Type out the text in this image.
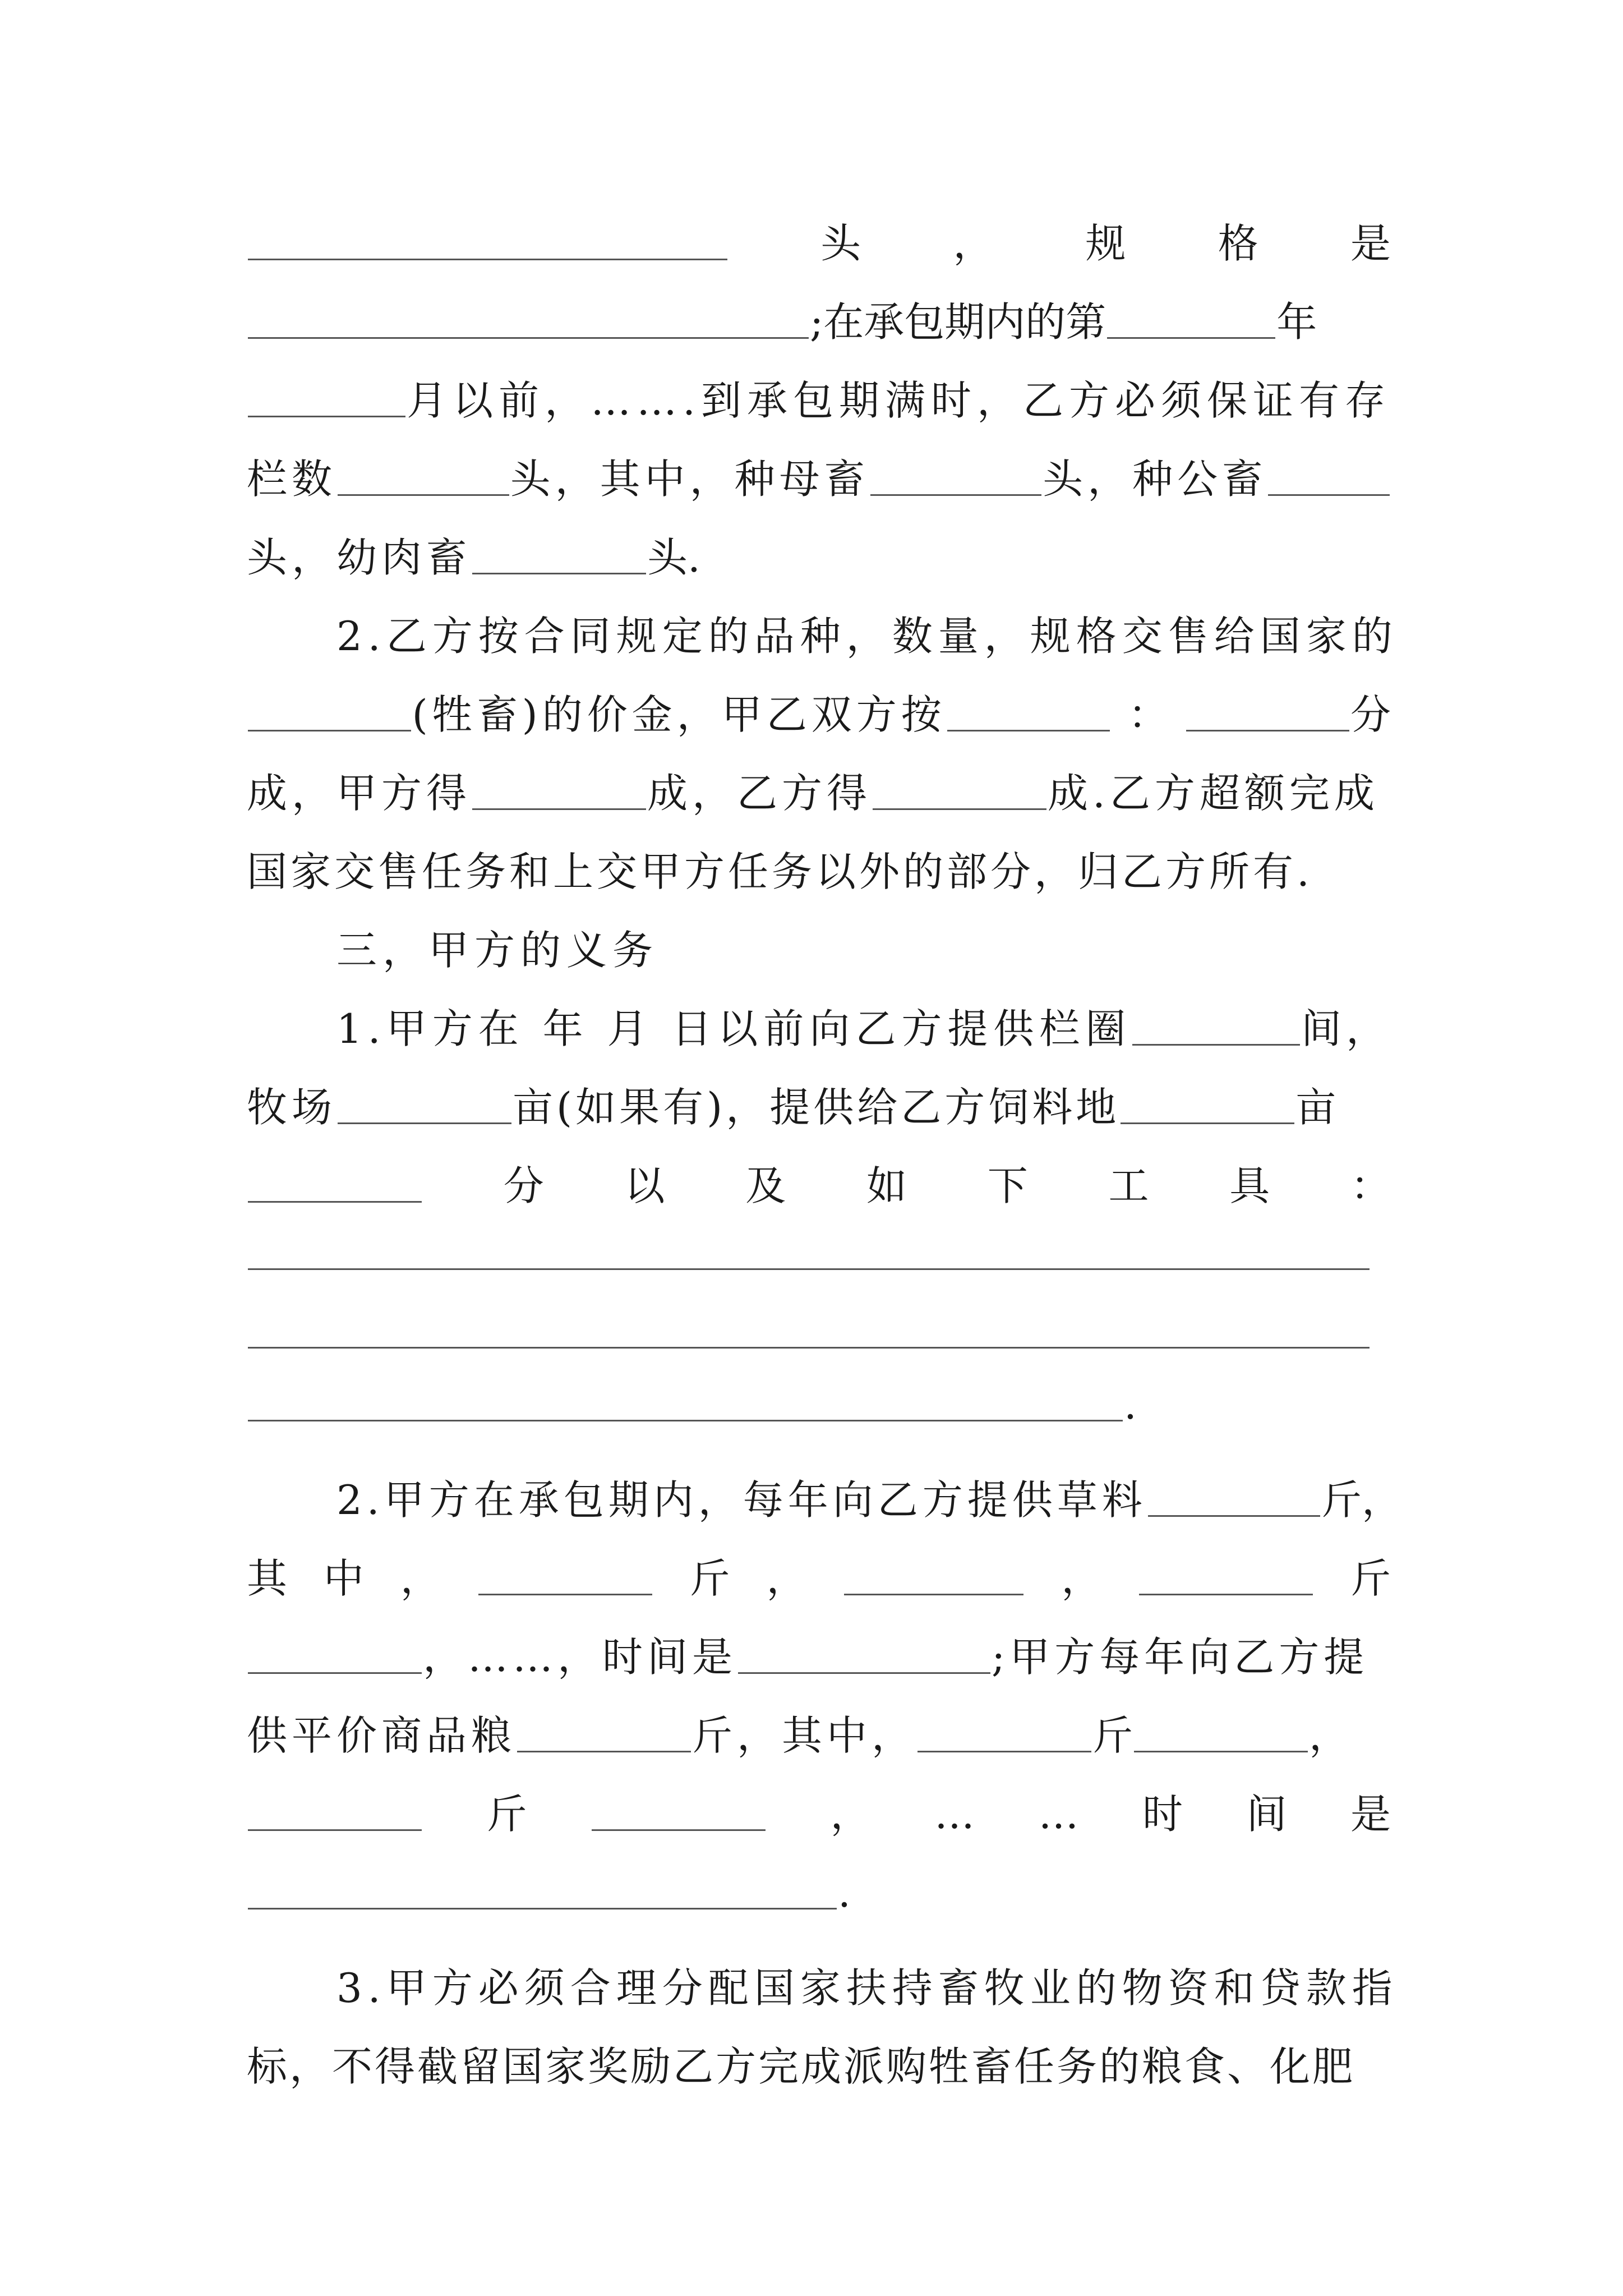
头 ， 规 格 是
;在承包期内的第	年
月以前，…….到承包期满时，乙方必须保证有存
栏数	头，其中，种母畜	头，种公畜
头，幼肉畜	头.
2.乙方按合同规定的品种，数量，规格交售给国家的
(牲畜)的价金，甲乙双方按	：	分
成，甲方得	成，乙方得	成.乙方超额完成
国家交售任务和上交甲方任务以外的部分，归乙方所有.
三，甲方的义务
1.甲方在 年 月 日以前向乙方提供栏圈	间，
牧场	亩(如果有)，提供给乙方饲料地	亩
分 以 及 如 下 工 具 ：
.
2.甲方在承包期内，每年向乙方提供草料	斤，
其 中 ，	斤 ，	，	斤
，……，时间是	;甲方每年向乙方提
供平价商品粮	斤，其中，	斤	，
斤	， … … 时 间 是
.
3.甲方必须合理分配国家扶持畜牧业的物资和贷款指
标，不得截留国家奖励乙方完成派购牲畜任务的粮食、化肥
